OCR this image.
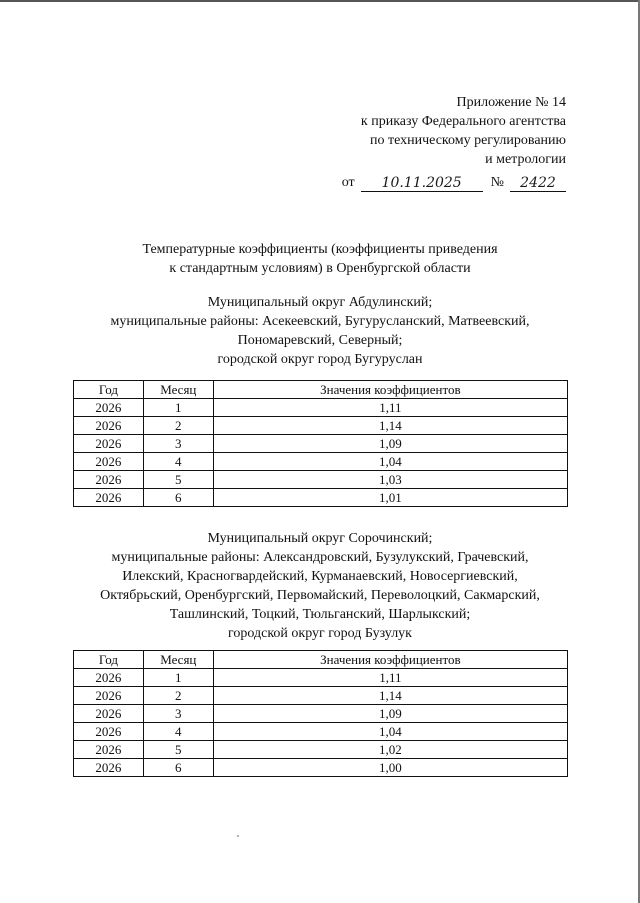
Приложение № 14
к приказу Федерального агентства
по техническому регулированию
и метрологии
от	10.11.2025	№	2422
Температурные коэффициенты (коэффициенты приведения
к стандартным условиям) в Оренбургской области
Муниципальный округ Абдулинский;
муниципальные районы: Асекеевский, Бугурусланский, Матвеевский,
Пономаревский, Северный;
городской округ город Бугуруслан
Год	Месяц	Значения коэффициентов
2026	1	1,11
2026	2	1,14
2026	3	1,09
2026	4	1,04
2026	5	1,03
2026	6	1,01
Муниципальный округ Сорочинский;
муниципальные районы: Александровский, Бузулукский, Грачевский,
Илекский, Красногвардейский, Курманаевский, Новосергиевский,
Октябрьский, Оренбургский, Первомайский, Переволоцкий, Сакмарский,
Ташлинский, Тоцкий, Тюльганский, Шарлыкский;
городской округ город Бузулук
Год	Месяц	Значения коэффициентов
2026	1	1,11
2026	2	1,14
2026	3	1,09
2026	4	1,04
2026	5	1,02
2026	6	1,00
